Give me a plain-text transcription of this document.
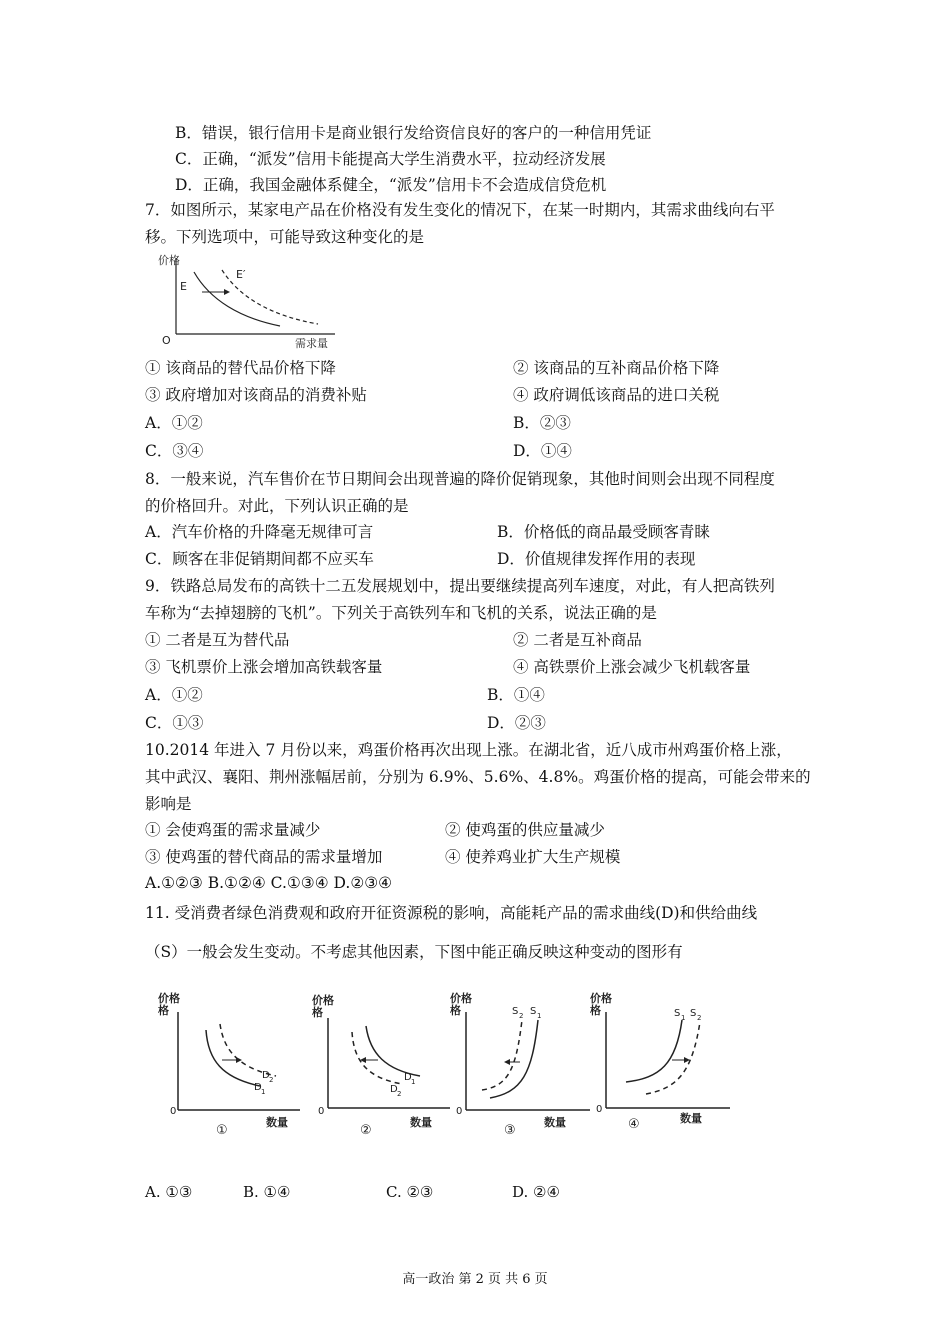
B．错误，银行信用卡是商业银行发给资信良好的客户的一种信用凭证
C．正确，“派发”信用卡能提高大学生消费水平，拉动经济发展
D．正确，我国金融体系健全，“派发”信用卡不会造成信贷危机
7．如图所示，某家电产品在价格没有发生变化的情况下，在某一时期内，其需求曲线向右平
移。下列选项中，可能导致这种变化的是
价格
E
E′
O	需求量
① 该商品的替代品价格下降	② 该商品的互补商品价格下降
③ 政府增加对该商品的消费补贴	④ 政府调低该商品的进口关税
A．①②	B．②③
C．③④	D．①④
8．一般来说，汽车售价在节日期间会出现普遍的降价促销现象，其他时间则会出现不同程度
的价格回升。对此，下列认识正确的是
A．汽车价格的升降毫无规律可言	B．价格低的商品最受顾客青睐
C．顾客在非促销期间都不应买车	D．价值规律发挥作用的表现
9．铁路总局发布的高铁十二五发展规划中，提出要继续提高列车速度，对此，有人把高铁列
车称为“去掉翅膀的飞机”。下列关于高铁列车和飞机的关系，说法正确的是
① 二者是互为替代品	② 二者是互补商品
③ 飞机票价上涨会增加高铁载客量	④ 高铁票价上涨会减少飞机载客量
A．①②	B．①④
C．①③	D．②③
10.2014 年进入 7 月份以来，鸡蛋价格再次出现上涨。在湖北省，近八成市州鸡蛋价格上涨，
其中武汉、襄阳、荆州涨幅居前，分别为 6.9%、5.6%、4.8%。鸡蛋价格的提高，可能会带来的
影响是
① 会使鸡蛋的需求量减少	② 使鸡蛋的供应量减少
③ 使鸡蛋的替代商品的需求量增加	④ 使养鸡业扩大生产规模
A.①②③ B.①②④ C.①③④ D.②③④
11. 受消费者绿色消费观和政府开征资源税的影响，高能耗产品的需求曲线(D)和供给曲线
（S）一般会发生变动。不考虑其他因素，下图中能正确反映这种变动的图形有
价格
格
0
D 2
D 1
数量
①
价格
格
0
D 1
D 2
数量
②
价格
格
0
S 2 S 1
数量
③
价格
格
0
S 1 S 2
数量
④
A. ①③	B. ①④	C. ②③	D. ②④
高一政治 第 2 页 共 6 页
